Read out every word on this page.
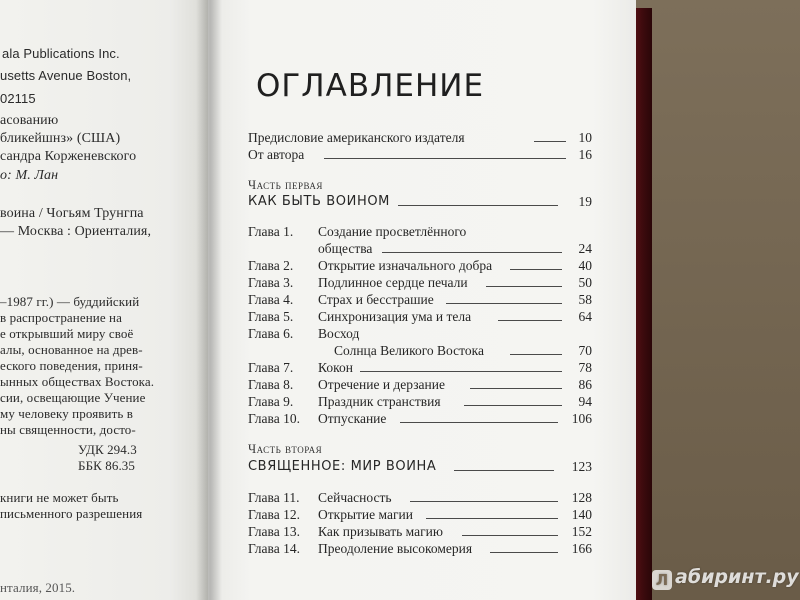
ala Publications Inc.
usetts Avenue Boston,
02115
асованию
бликейшнз» (США)
сандра Корженевского
о: М. Лан
воина / Чогьям Трунгпа
— Москва : Ориенталия,
–1987 гг.) — буддийский
в распространение на
е открывший миру своё
алы, основанное на древ-
еского поведения, приня-
ынных обществах Востока.
сии, освещающие Учение
му человеку проявить в
ны священности, досто-
УДК 294.3
ББК 86.35
книги не может быть
письменного разрешения
нталия, 2015.
ОГЛАВЛЕНИЕ
Предисловие американского издателя	10
От автора	16
Часть первая
КАК БЫТЬ ВОИНОМ	19
Глава 1. Создание просветлённого
общества	24
Глава 2. Открытие изначального добра	40
Глава 3. Подлинное сердце печали	50
Глава 4. Страх и бесстрашие	58
Глава 5. Синхронизация ума и тела	64
Глава 6. Восход
Солнца Великого Востока	70
Глава 7. Кокон	78
Глава 8. Отречение и дерзание	86
Глава 9. Праздник странствия	94
Глава 10. Отпускание	106
Часть вторая
СВЯЩЕННОЕ: МИР ВОИНА	123
Глава 11. Сейчасность	128
Глава 12. Открытие магии	140
Глава 13. Как призывать магию	152
Глава 14. Преодоление высокомерия	166
Л абиринт.ру
